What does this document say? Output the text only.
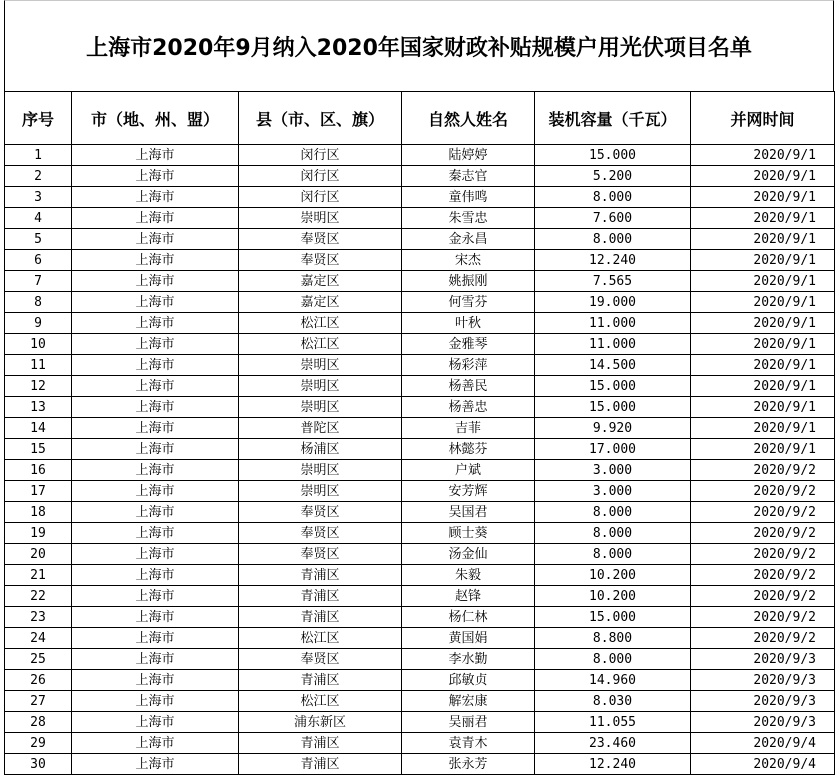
上海市2020年9月纳入2020年国家财政补贴规模户用光伏项目名单
序号	市（地、州、盟）	县（市、区、旗）	自然人姓名	装机容量（千瓦）	并网时间
1	上海市	闵行区	陆婷婷	15.000	2020/9/1
2	上海市	闵行区	秦志官	5.200	2020/9/1
3	上海市	闵行区	童伟鸣	8.000	2020/9/1
4	上海市	崇明区	朱雪忠	7.600	2020/9/1
5	上海市	奉贤区	金永昌	8.000	2020/9/1
6	上海市	奉贤区	宋杰	12.240	2020/9/1
7	上海市	嘉定区	姚振刚	7.565	2020/9/1
8	上海市	嘉定区	何雪芬	19.000	2020/9/1
9	上海市	松江区	叶秋	11.000	2020/9/1
10	上海市	松江区	金雅琴	11.000	2020/9/1
11	上海市	崇明区	杨彩萍	14.500	2020/9/1
12	上海市	崇明区	杨善民	15.000	2020/9/1
13	上海市	崇明区	杨善忠	15.000	2020/9/1
14	上海市	普陀区	吉菲	9.920	2020/9/1
15	上海市	杨浦区	林懿芬	17.000	2020/9/1
16	上海市	崇明区	户斌	3.000	2020/9/2
17	上海市	崇明区	安芳辉	3.000	2020/9/2
18	上海市	奉贤区	吴国君	8.000	2020/9/2
19	上海市	奉贤区	顾士葵	8.000	2020/9/2
20	上海市	奉贤区	汤金仙	8.000	2020/9/2
21	上海市	青浦区	朱毅	10.200	2020/9/2
22	上海市	青浦区	赵锋	10.200	2020/9/2
23	上海市	青浦区	杨仁林	15.000	2020/9/2
24	上海市	松江区	黄国娟	8.800	2020/9/2
25	上海市	奉贤区	李水勤	8.000	2020/9/3
26	上海市	青浦区	邱敏贞	14.960	2020/9/3
27	上海市	松江区	解宏康	8.030	2020/9/3
28	上海市	浦东新区	吴丽君	11.055	2020/9/3
29	上海市	青浦区	袁青木	23.460	2020/9/4
30	上海市	青浦区	张永芳	12.240	2020/9/4
